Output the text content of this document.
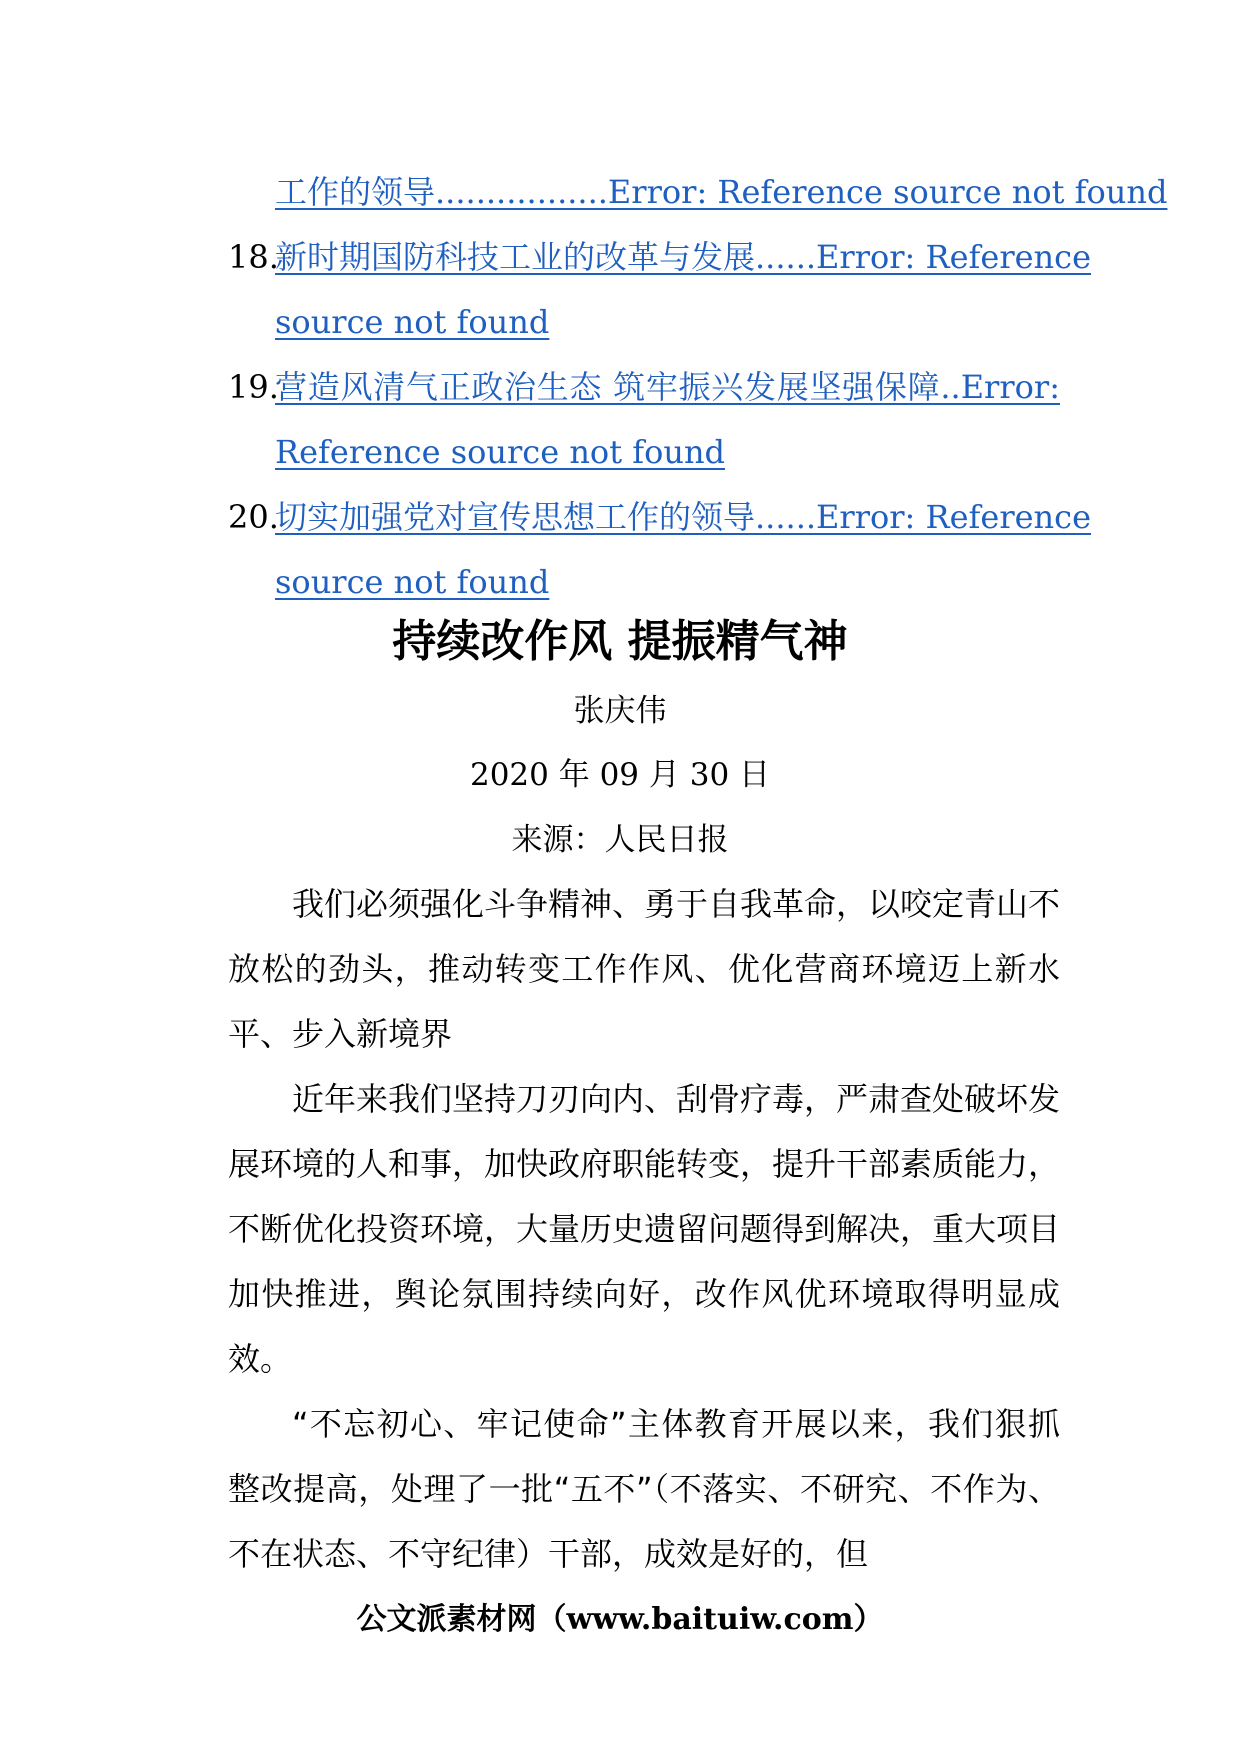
工作的领导.................Error: Reference source not found
18.
新时期国防科技工业的改革与发展......Error: Reference
source not found
19.
营造风清气正政治生态 筑牢振兴发展坚强保障..Error:
Reference source not found
20.
切实加强党对宣传思想工作的领导......Error: Reference
source not found
持续改作风 提振精气神
张庆伟
2020 年 09 月 30 日
来源：人民日报

我们必须强化斗争精神、勇于自我革命，以咬定青山不放松的劲头，推动转变工作作风、优化营商环境迈上新水平、步入新境界

近年来我们坚持刀刃向内、刮骨疗毒，严肃查处破坏发展环境的人和事，加快政府职能转变，提升干部素质能力，不断优化投资环境，大量历史遗留问题得到解决，重大项目加快推进，舆论氛围持续向好，改作风优环境取得明显成效。

“不忘初心、牢记使命”主体教育开展以来，我们狠抓整改提高，处理了一批“五不”（不落实、不研究、不作为、不在状态、不守纪律）干部，成效是好的，但

公文派素材网（www.baituiw.com）
